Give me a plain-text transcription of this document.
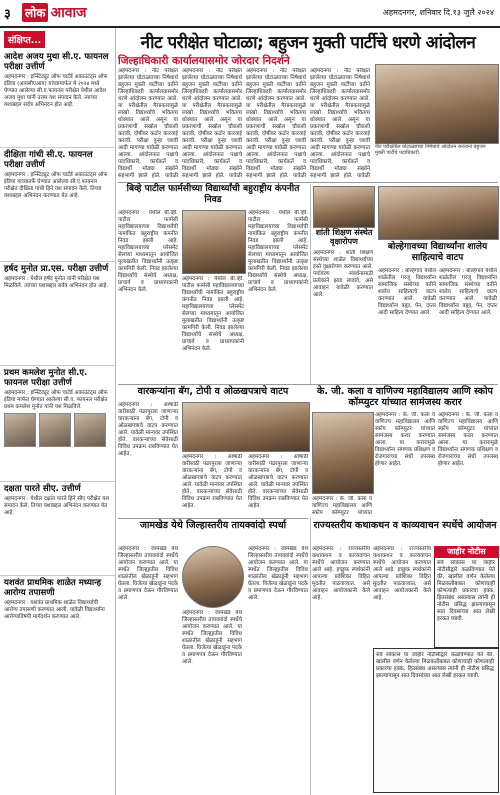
३ लोक आवाज	अहमदनगर, शनिवार दि.१३ जुलै २०२४
संक्षिप्त...
आदेश अजय मुथा सी.ए. फायनल परीक्षा उत्तीर्ण

अहमदनगर : इन्स्टिट्यूट ऑफ चार्टर्ड अकाउंटंट्स ऑफ इंडिया (आयसीएआय) यांच्यामार्फत मे २०२४ मध्ये घेण्यात आलेल्या सी.ए.फायनल परीक्षेत येथील आदेश अजय मुथा यांनी उत्तम यश संपादन केले. त्याच्या यशाबद्दल सर्वत्र अभिनंदन होत आहे.

दीक्षिता गांधी सी.ए. फायनल परीक्षा उत्तीर्ण

अहमदनगर : इन्स्टिट्यूट ऑफ चार्टर्ड अकाउंटंट्स ऑफ इंडिया यांच्यातर्फे घेण्यात आलेल्या सी.ए.फायनल परीक्षेत दीक्षिता गांधी हिने यश संपादन केले. तिच्या यशाबद्दल अभिनंदन करण्यात येत आहे.

हर्षद मुनोत प्रा.एस. परीक्षा उत्तीर्ण

अहमदनगर : येथील हर्षद मुनोत यांनी परीक्षेत यश मिळविले. त्यांच्या यशाबद्दल सर्वत्र अभिनंदन होत आहे.

प्रथम कमलेश मुनोत सी.ए. फायनल परीक्षा उत्तीर्ण

अहमदनगर : इन्स्टिट्यूट ऑफ चार्टर्ड अकाउंटंट्स ऑफ इंडिया मार्फत घेण्यात आलेल्या सी.ए. फायनल परीक्षेत प्रथम कमलेश मुनोत यांनी यश मिळविले.

दक्षता पारते सीए. उत्तीर्ण

अहमदनगर : येथील दक्षता पारते हिने सीए परीक्षेत यश संपादन केले. तिच्या यशाबद्दल अभिनंदन करण्यात येत आहे.

यशवंत प्राथमिक शाळेत मध्यान्ह आरोग्य तपासणी

अहमदनगर : यशवंत प्राथमिक शाळेत विद्यार्थ्यांची आरोग्य तपासणी करण्यात आली. यावेळी विद्यार्थ्यांना आरोग्याविषयी मार्गदर्शन करण्यात आले.

नीट परीक्षेत घोटाळा; बहुजन मुक्ती पार्टीचे धरणे आंदोलन
जिल्हाधिकारी कार्यालयासमोर जोरदार निदर्शने
अहमदनगर : नीट परीक्षेत झालेल्या घोटाळ्याच्या निषेधार्थ बहुजन मुक्ती पार्टीच्या वतीने जिल्हाधिकारी कार्यालयासमोर धरणे आंदोलन करण्यात आले. या परीक्षेतील गैरप्रकारामुळे लाखो विद्यार्थ्यांचे भवितव्य धोक्यात आले असून या प्रकरणाची सखोल चौकशी करावी, दोषींवर कठोर कारवाई करावी, परीक्षा पुन्हा घ्यावी आदी मागण्या यावेळी करण्यात आल्या. आंदोलनात पक्षाचे पदाधिकारी, कार्यकर्ते व विद्यार्थी मोठ्या संख्येने सहभागी झाले होते. यावेळी
अहमदनगर : नीट परीक्षेत झालेल्या घोटाळ्याच्या निषेधार्थ बहुजन मुक्ती पार्टीच्या वतीने जिल्हाधिकारी कार्यालयासमोर धरणे आंदोलन करण्यात आले. या परीक्षेतील गैरप्रकारामुळे लाखो विद्यार्थ्यांचे भवितव्य धोक्यात आले असून या प्रकरणाची सखोल चौकशी करावी, दोषींवर कठोर कारवाई करावी, परीक्षा पुन्हा घ्यावी आदी मागण्या यावेळी करण्यात आल्या. आंदोलनात पक्षाचे पदाधिकारी, कार्यकर्ते व विद्यार्थी मोठ्या संख्येने सहभागी झाले होते. यावेळी
अहमदनगर : नीट परीक्षेत झालेल्या घोटाळ्याच्या निषेधार्थ बहुजन मुक्ती पार्टीच्या वतीने जिल्हाधिकारी कार्यालयासमोर धरणे आंदोलन करण्यात आले. या परीक्षेतील गैरप्रकारामुळे लाखो विद्यार्थ्यांचे भवितव्य धोक्यात आले असून या प्रकरणाची सखोल चौकशी करावी, दोषींवर कठोर कारवाई करावी, परीक्षा पुन्हा घ्यावी आदी मागण्या यावेळी करण्यात आल्या. आंदोलनात पक्षाचे पदाधिकारी, कार्यकर्ते व विद्यार्थी मोठ्या संख्येने सहभागी झाले होते. यावेळी
अहमदनगर : नीट परीक्षेत झालेल्या घोटाळ्याच्या निषेधार्थ बहुजन मुक्ती पार्टीच्या वतीने जिल्हाधिकारी कार्यालयासमोर धरणे आंदोलन करण्यात आले. या परीक्षेतील गैरप्रकारामुळे लाखो विद्यार्थ्यांचे भवितव्य धोक्यात आले असून या प्रकरणाची सखोल चौकशी करावी, दोषींवर कठोर कारवाई करावी, परीक्षा पुन्हा घ्यावी आदी मागण्या यावेळी करण्यात आल्या. आंदोलनात पक्षाचे पदाधिकारी, कार्यकर्ते व विद्यार्थी मोठ्या संख्येने सहभागी झाले होते. यावेळी
नीट परीक्षेतील घोटाळ्याच्या निषेधार्थ आंदोलन करताना बहुजन मुक्ती पार्टीचे पदाधिकारी.
बिव्हे पाटील फार्मसीच्या विद्यार्थ्यांची बहुराष्ट्रीय कंपनीत निवड
अहमदनगर : येथील बी.व्ही. पाटील फार्मसी महाविद्यालयाच्या विद्यार्थ्यांची नामांकित बहुराष्ट्रीय कंपनीत निवड झाली आहे. महाविद्यालयाच्या प्लेसमेंट सेलच्या माध्यमातून आयोजित मुलाखतीत विद्यार्थ्यांनी उत्कृष्ट कामगिरी केली. निवड झालेल्या विद्यार्थ्यांचे संस्थेचे अध्यक्ष, प्राचार्य व प्राध्यापकांनी अभिनंदन केले.
अहमदनगर : येथील बी.व्ही. पाटील फार्मसी महाविद्यालयाच्या विद्यार्थ्यांची नामांकित बहुराष्ट्रीय कंपनीत निवड झाली आहे. महाविद्यालयाच्या प्लेसमेंट सेलच्या माध्यमातून आयोजित मुलाखतीत विद्यार्थ्यांनी उत्कृष्ट कामगिरी केली. निवड झालेल्या विद्यार्थ्यांचे संस्थेचे अध्यक्ष, प्राचार्य व प्राध्यापकांनी अभिनंदन केले.
अहमदनगर : येथील बी.व्ही. पाटील फार्मसी महाविद्यालयाच्या विद्यार्थ्यांची नामांकित बहुराष्ट्रीय कंपनीत निवड झाली आहे. महाविद्यालयाच्या प्लेसमेंट सेलच्या माध्यमातून आयोजित मुलाखतीत विद्यार्थ्यांनी उत्कृष्ट कामगिरी केली. निवड झालेल्या विद्यार्थ्यांचे संस्थेचे अध्यक्ष, प्राचार्य व प्राध्यापकांनी अभिनंदन केले.
शांती शिक्षण संस्थेत वृक्षारोपण
अहमदनगर : शांती शिक्षण संस्थेच्या शाळेत विद्यार्थ्यांच्या हस्ते वृक्षारोपण करण्यात आले. पर्यावरण संवर्धनासाठी प्रत्येकाने झाड लावावे, असे आवाहन यावेळी करण्यात आले.
बोल्हेगावच्या विद्यार्थ्यांना शालेय साहित्याचे वाटप
अहमदनगर : बोल्हेगाव येथील शाळेतील गरजू विद्यार्थ्यांना सामाजिक संस्थेच्या वतीने शालेय साहित्याचे वाटप करण्यात आले. यावेळी विद्यार्थ्यांना वह्या, पेन, दप्तर आदी साहित्य देण्यात आले.
अहमदनगर : बोल्हेगाव येथील शाळेतील गरजू विद्यार्थ्यांना सामाजिक संस्थेच्या वतीने शालेय साहित्याचे वाटप करण्यात आले. यावेळी विद्यार्थ्यांना वह्या, पेन, दप्तर आदी साहित्य देण्यात आले.
वारकऱ्यांना बॅग, टोपी व ओळखपत्राचे वाटप
अहमदनगर : आषाढी वारीसाठी पंढरपूरला जाणाऱ्या वारकऱ्यांना बॅग, टोपी व ओळखपत्राचे वाटप करण्यात आले. यावेळी मान्यवर उपस्थित होते. वारकऱ्यांच्या सेवेसाठी विविध उपक्रम राबविण्यात येत आहेत.	अहमदनगर : आषाढी वारीसाठी पंढरपूरला जाणाऱ्या वारकऱ्यांना बॅग, टोपी व ओळखपत्राचे वाटप करण्यात आले. यावेळी मान्यवर उपस्थित होते. वारकऱ्यांच्या सेवेसाठी विविध उपक्रम राबविण्यात येत आहेत.
अहमदनगर : आषाढी वारीसाठी पंढरपूरला जाणाऱ्या वारकऱ्यांना बॅग, टोपी व ओळखपत्राचे वाटप करण्यात आले. यावेळी मान्यवर उपस्थित होते. वारकऱ्यांच्या सेवेसाठी विविध उपक्रम राबविण्यात येत आहेत.
के. जी. कला व वाणिज्य महाविद्यालय आणि स्कोप कॉम्प्युटर यांच्यात सामंजस्य करार
अहमदनगर : के. जी. कला व वाणिज्य महाविद्यालय आणि स्कोप कॉम्प्युटर यांच्यात सामंजस्य करार करण्यात आला. या करारामुळे विद्यार्थ्यांना संगणक प्रशिक्षण व रोजगाराच्या संधी उपलब्ध होणार आहेत.
अहमदनगर : के. जी. कला व वाणिज्य महाविद्यालय आणि स्कोप कॉम्प्युटर यांच्यात सामंजस्य करार करण्यात आला. या करारामुळे विद्यार्थ्यांना संगणक प्रशिक्षण व रोजगाराच्या संधी उपलब्ध होणार आहेत.
अहमदनगर : के. जी. कला व वाणिज्य महाविद्यालय आणि स्कोप कॉम्प्युटर यांच्यात
जामखेड येथे जिल्हास्तरीय तायक्वांदो स्पर्धा
अहमदनगर : जामखेड येथे जिल्हास्तरीय तायक्वांदो स्पर्धेचे आयोजन करण्यात आले. या स्पर्धेत जिल्ह्यातील विविध शाळांतील खेळाडूंनी सहभाग घेतला. विजेत्या खेळाडूंना पदके व प्रमाणपत्र देऊन गौरविण्यात आले.
अहमदनगर : जामखेड येथे जिल्हास्तरीय तायक्वांदो स्पर्धेचे आयोजन करण्यात आले. या स्पर्धेत जिल्ह्यातील विविध शाळांतील खेळाडूंनी सहभाग घेतला. विजेत्या खेळाडूंना पदके व प्रमाणपत्र देऊन गौरविण्यात आले.
अहमदनगर : जामखेड येथे जिल्हास्तरीय तायक्वांदो स्पर्धेचे आयोजन करण्यात आले. या स्पर्धेत जिल्ह्यातील विविध शाळांतील खेळाडूंनी सहभाग घेतला. विजेत्या खेळाडूंना पदके व प्रमाणपत्र देऊन गौरविण्यात आले.
राज्यस्तरीय कथाकथन व काव्यवाचन स्पर्धेचे आयोजन
अहमदनगर : राज्यस्तरीय कथाकथन व काव्यवाचन स्पर्धेचे आयोजन करण्यात आले आहे. इच्छुक स्पर्धकांनी आपल्या प्रवेशिका विहित मुदतीत पाठवाव्यात, असे आवाहन आयोजकांनी केले आहे.
अहमदनगर : राज्यस्तरीय कथाकथन व काव्यवाचन स्पर्धेचे आयोजन करण्यात आले आहे. इच्छुक स्पर्धकांनी आपल्या प्रवेशिका विहित मुदतीत पाठवाव्यात, असे आवाहन आयोजकांनी केले आहे.
जाहीर नोटीस
सर्व लोकांस या जाहीर नोटीसीद्वारे कळविण्यात येते की, खालील वर्णन केलेल्या मिळकतीबाबत कोणाचाही कोणत्याही प्रकारचा हक्क, हितसंबंध असल्यास त्यांनी ही नोटीस प्रसिद्ध झाल्यापासून सात दिवसांच्या आत लेखी हरकत घ्यावी.
सर्व लोकांस या जाहीर नोटीसीद्वारे कळविण्यात येते की, खालील वर्णन केलेल्या मिळकतीबाबत कोणाचाही कोणत्याही प्रकारचा हक्क, हितसंबंध असल्यास त्यांनी ही नोटीस प्रसिद्ध झाल्यापासून सात दिवसांच्या आत लेखी हरकत घ्यावी.
